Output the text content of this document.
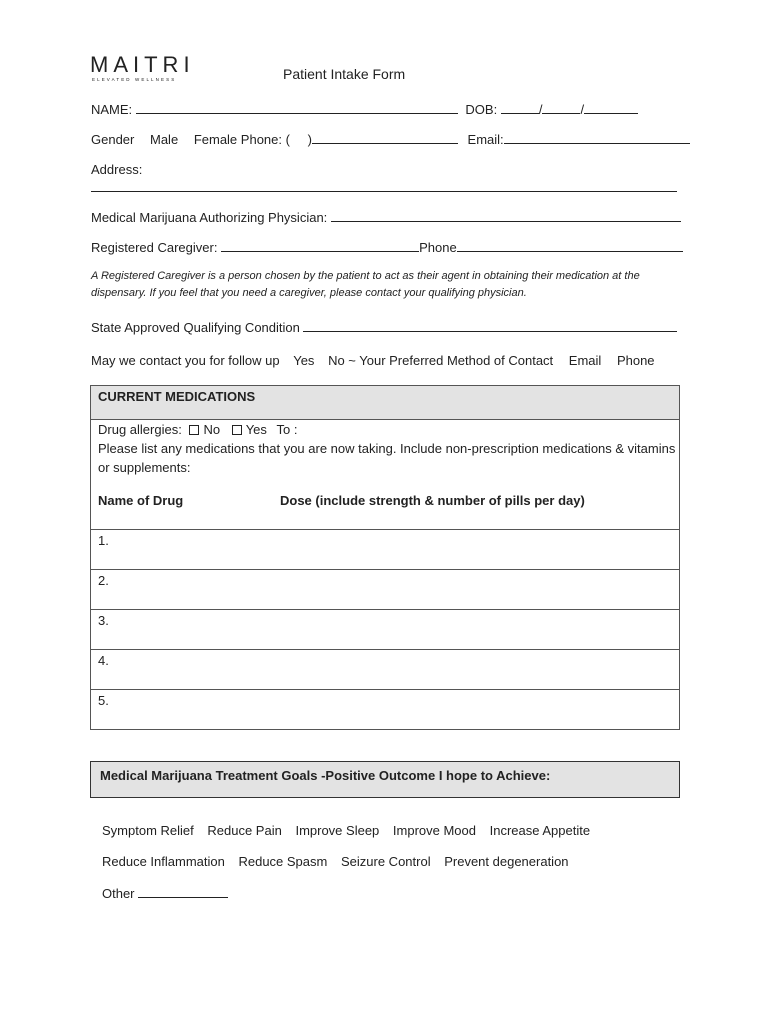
MAITRI
ELEVATED WELLNESS	Patient Intake Form
NAME:	DOB:	/	/
Gender Male Female Phone: ( )	Email:
Address:
Medical Marijuana Authorizing Physician:
Registered Caregiver:	Phone
A Registered Caregiver is a person chosen by the patient to act as their agent in obtaining their medication at the
dispensary. If you feel that you need a caregiver, please contact your qualifying physician.
State Approved Qualifying Condition
May we contact you for follow up Yes No ~ Your Preferred Method of Contact Email Phone
CURRENT MEDICATIONS
Drug allergies: No Yes To :
Please list any medications that you are now taking. Include non-prescription medications & vitamins
or supplements:
Name of Drug	Dose (include strength & number of pills per day)
1.
2.
3.
4.
5.
Medical Marijuana Treatment Goals -Positive Outcome I hope to Achieve:
Symptom Relief Reduce Pain Improve Sleep Improve Mood Increase Appetite
Reduce Inflammation Reduce Spasm Seizure Control Prevent degeneration
Other
